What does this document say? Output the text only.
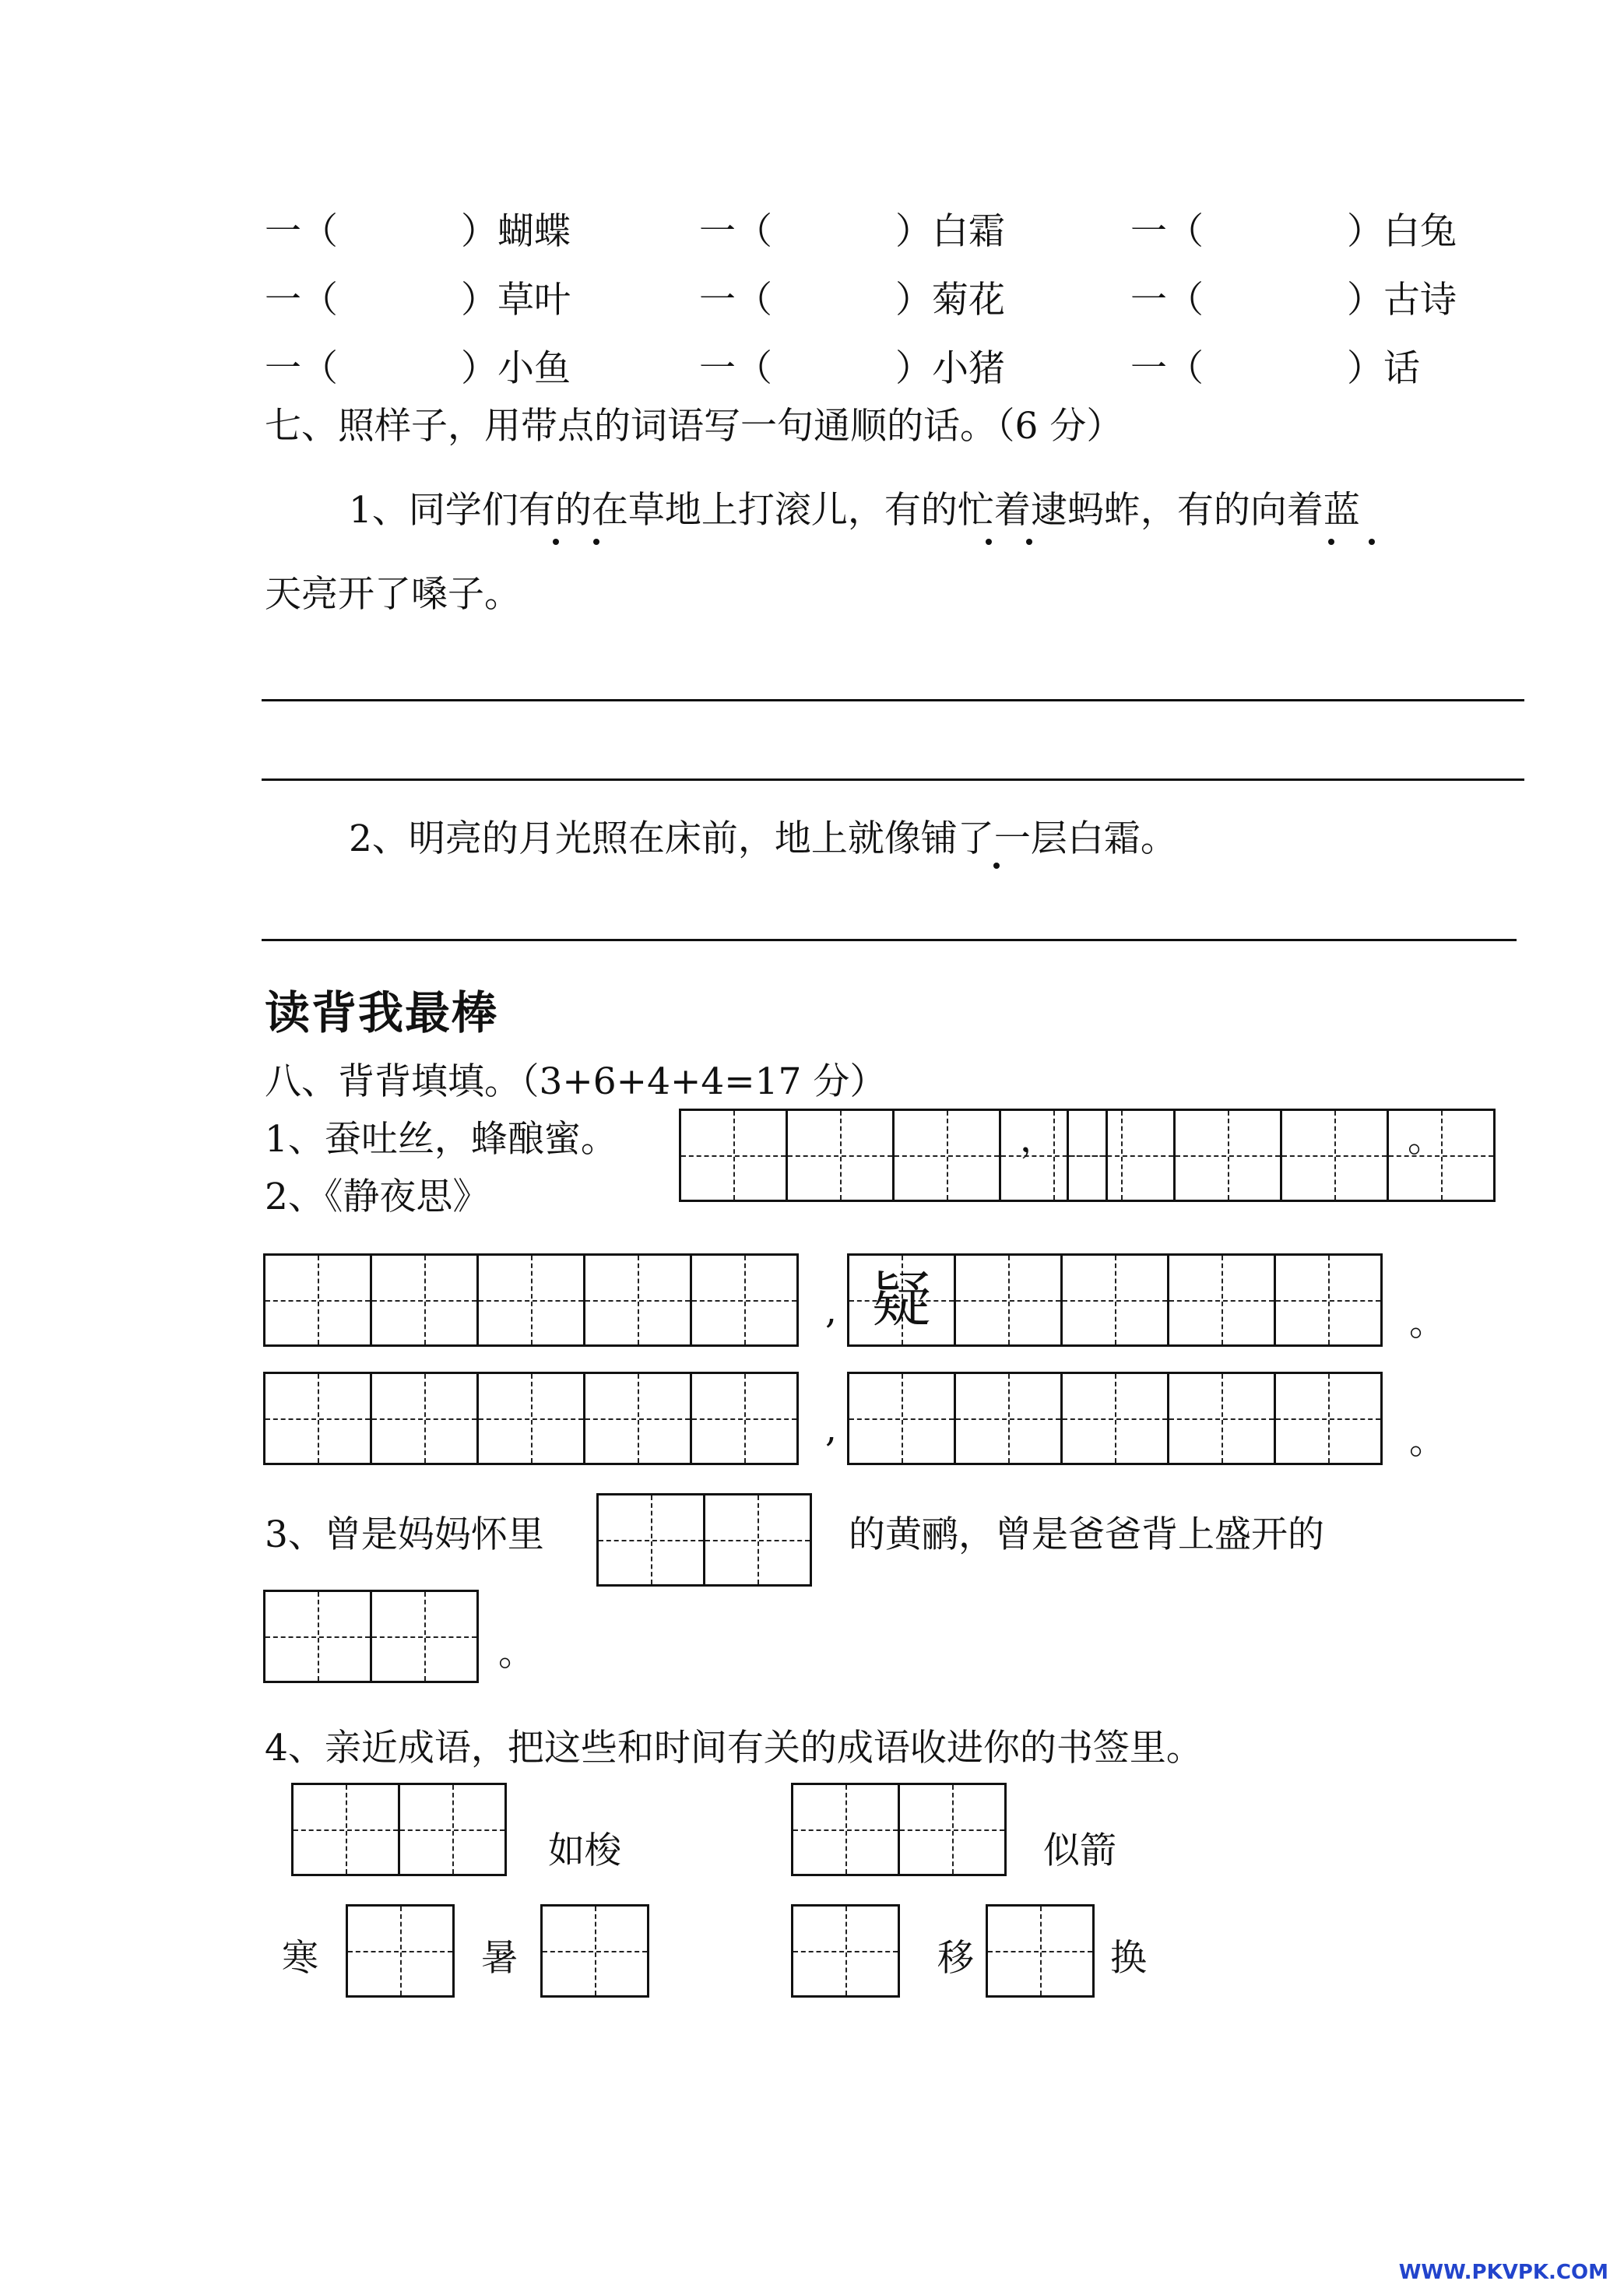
一（	）蝴蝶	一（	）白霜	一（	）白兔
一（	）草叶	一（	）菊花	一（	）古诗
一（	）小鱼	一（	）小猪	一（	）话
七、照样子，用带点的词语写一句通顺的话。（6 分）
1、同学们有的在草地上打滚儿，有的忙着逮蚂蚱，有的向着蓝
天亮开了嗓子。
2、明亮的月光照在床前，地上就像铺了一层白霜。
读背我最棒
八、背背填填。（3+6+4+4=17 分）
1、蚕吐丝，蜂酿蜜。
2、《静夜思》
，	。
, 疑	。
,	。
3、曾是妈妈怀里	的黄鹂，曾是爸爸背上盛开的
。
4、亲近成语，把这些和时间有关的成语收进你的书签里。
如梭	似箭
寒	暑	移	换
WWW.PKVPK.COM
